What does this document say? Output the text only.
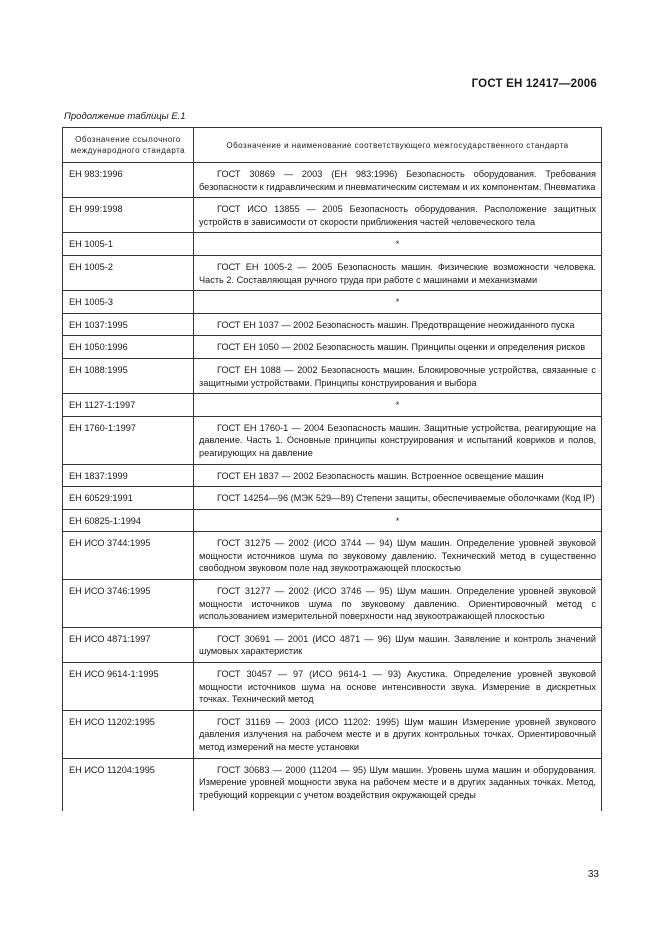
ГОСТ ЕН 12417—2006
Продолжение таблицы Е.1
Обозначение ссылочного международного стандарта	Обозначение и наименование соответствующего межгосударственного стандарта
ЕН 983:1996	ГОСТ 30869 — 2003 (ЕН 983:1996) Безопасность оборудования. Требования безопасности к гидравлическим и пневматическим системам и их компонентам. Пневматика
ЕН 999:1998	ГОСТ ИСО 13855 — 2005 Безопасность оборудования. Расположение защитных устройств в зависимости от скорости приближения частей человеческого тела
ЕН 1005-1	*
ЕН 1005-2	ГОСТ ЕН 1005-2 — 2005 Безопасность машин. Физические возможности человека. Часть 2. Составляющая ручного труда при работе с машинами и механизмами
ЕН 1005-3	*
ЕН 1037:1995	ГОСТ ЕН 1037 — 2002 Безопасность машин. Предотвращение неожиданного пуска
ЕН 1050:1996	ГОСТ ЕН 1050 — 2002 Безопасность машин. Принципы оценки и определения рисков
ЕН 1088:1995	ГОСТ ЕН 1088 — 2002 Безопасность машин. Блокировочные устройства, связанные с защитными устройствами. Принципы конструирования и выбора
ЕН 1127-1:1997	*
ЕН 1760-1:1997	ГОСТ ЕН 1760-1 — 2004 Безопасность машин. Защитные устройства, реагирующие на давление. Часть 1. Основные принципы конструирования и испытаний ковриков и полов, реагирующих на давление
ЕН 1837:1999	ГОСТ ЕН 1837 — 2002 Безопасность машин. Встроенное освещение машин
ЕН 60529:1991	ГОСТ 14254—96 (МЭК 529—89) Степени защиты, обеспечиваемые оболочками (Код IP)
ЕН 60825-1:1994	*
ЕН ИСО 3744:1995	ГОСТ 31275 — 2002 (ИСО 3744 — 94) Шум машин. Определение уровней звуковой мощности источников шума по звуковому давлению. Технический метод в существенно свободном звуковом поле над звукоотражающей плоскостью
ЕН ИСО 3746:1995	ГОСТ 31277 — 2002 (ИСО 3746 — 95) Шум машин. Определение уровней звуковой мощности источников шума по звуковому давлению. Ориентировочный метод с использованием измерительной поверхности над звукоотражающей плоскостью
ЕН ИСО 4871:1997	ГОСТ 30691 — 2001 (ИСО 4871 — 96) Шум машин. Заявление и контроль значений шумовых характеристик
ЕН ИСО 9614-1:1995	ГОСТ 30457 — 97 (ИСО 9614-1 — 93) Акустика. Определение уровней звуковой мощности источников шума на основе интенсивности звука. Измерение в дискретных точках. Технический метод
ЕН ИСО 11202:1995	ГОСТ 31169 — 2003 (ИСО 11202: 1995) Шум машин Измерение уровней звукового давления излучения на рабочем месте и в других контрольных точках. Ориентировочный метод измерений на месте установки
ЕН ИСО 11204:1995	ГОСТ 30683 — 2000 (11204 — 95) Шум машин. Уровень шума машин и оборудования. Измерение уровней мощности звука на рабочем месте и в других заданных точках. Метод, требующий коррекции с учетом воздействия окружающей среды
33
